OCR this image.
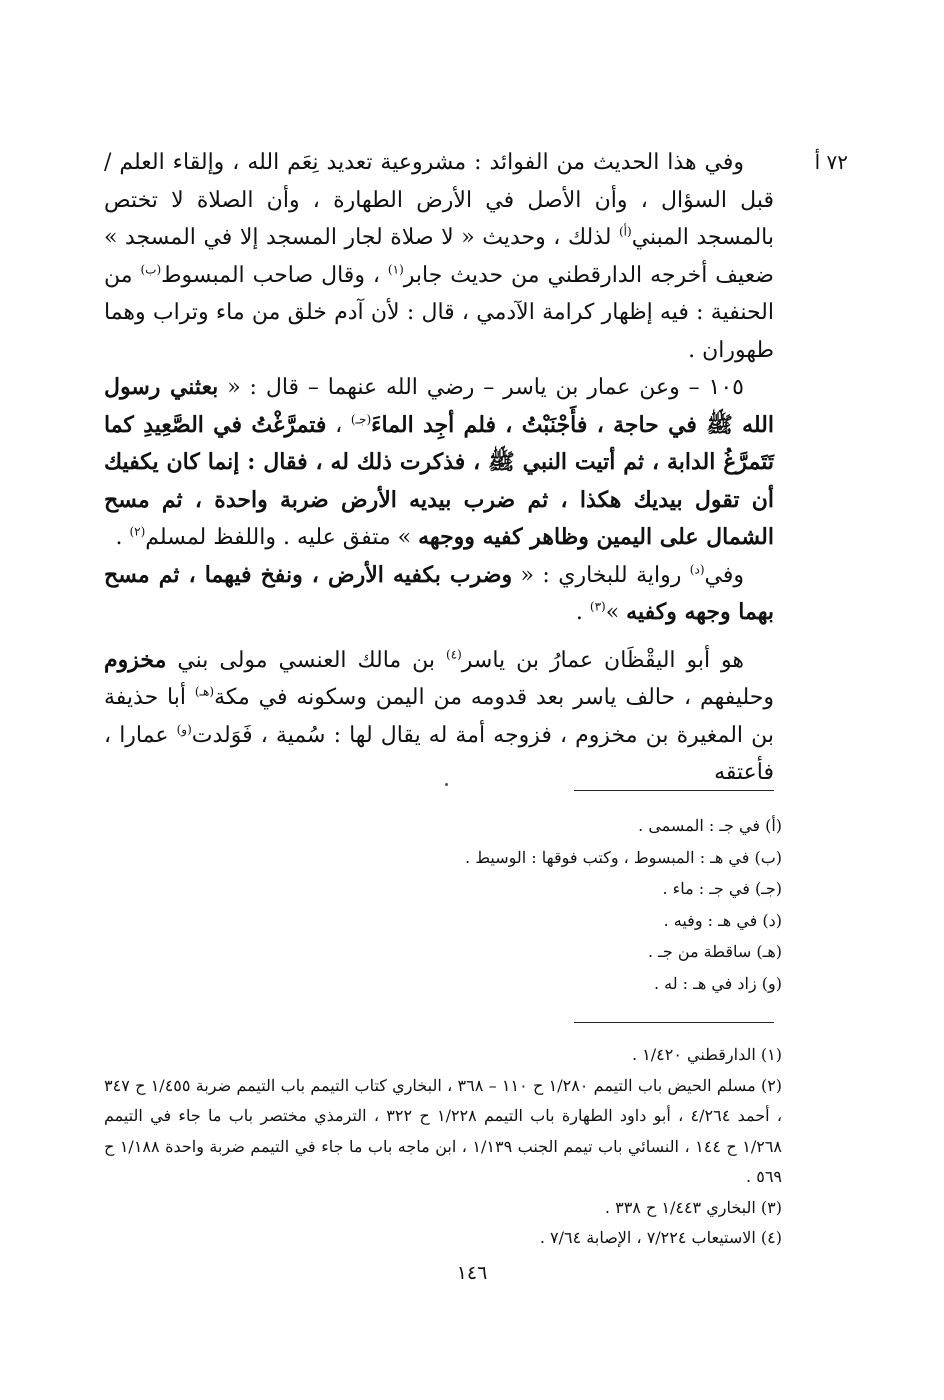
٧٢ أ

وفي هذا الحديث من الفوائد : مشروعية تعديد نِعَم الله ، وإلقاء العلم / قبل السؤال ، وأن الأصل في الأرض الطهارة ، وأن الصلاة لا تختص بالمسجد المبني$^{(أ)}$ لذلك ، وحديث « لا صلاة لجار المسجد إلا في المسجد » ضعيف أخرجه الدارقطني من حديث جابر$^{(١)}$ ، وقال صاحب المبسوط$^{(ب)}$ من الحنفية : فيه إظهار كرامة الآدمي ، قال : لأن آدم خلق من ماء وتراب وهما طهوران .

١٠٥ – وعن عمار بن ياسر – رضي الله عنهما – قال : « بعثني رسول الله ﷺ في حاجة ، فأَجْنَبْتُ ، فلم أجِد الماءَ$^{(جـ)}$ ، فتمرَّغْتُ في الصَّعِيدِ كما تَتَمرَّغُ الدابة ، ثم أتيت النبي ﷺ ، فذكرت ذلك له ، فقال : إنما كان يكفيك أن تقول بيديك هكذا ، ثم ضرب بيديه الأرض ضربة واحدة ، ثم مسح الشمال على اليمين وظاهر كفيه ووجهه » متفق عليه . واللفظ لمسلم$^{(٢)}$ .

وفي$^{(د)}$ رواية للبخاري : « وضرب بكفيه الأرض ، ونفخ فيهما ، ثم مسح بهما وجهه وكفيه »$^{(٣)}$ .

هو أبو اليقْظَان عمارُ بن ياسر$^{(٤)}$ بن مالك العنسي مولى بني مخزوم وحليفهم ، حالف ياسر بعد قدومه من اليمن وسكونه في مكة$^{(هـ)}$ أبا حذيفة بن المغيرة بن مخزوم ، فزوجه أمة له يقال لها : سُمية ، فَوَلدت$^{(و)}$ عمارا ، فأعتقه

(أ) في جـ : المسمى .
(ب) في هـ : المبسوط ، وكتب فوقها : الوسيط .
(جـ) في جـ : ماء .
(د) في هـ : وفيه .
(هـ) ساقطة من جـ .
(و) زاد في هـ : له .
(١) الدارقطني ١/٤٢٠ .
(٢) مسلم الحيض باب التيمم ١/٢٨٠ ح ١١٠ – ٣٦٨ ، البخاري كتاب التيمم باب التيمم ضربة ١/٤٥٥ ح ٣٤٧ ، أحمد ٤/٢٦٤ ، أبو داود الطهارة باب التيمم ١/٢٢٨ ح ٣٢٢ ، الترمذي مختصر باب ما جاء في التيمم ١/٢٦٨ ح ١٤٤ ، النسائي باب تيمم الجنب ١/١٣٩ ، ابن ماجه باب ما جاء في التيمم ضربة واحدة ١/١٨٨ ح ٥٦٩ .
(٣) البخاري ١/٤٤٣ ح ٣٣٨ .
(٤) الاستيعاب ٧/٢٢٤ ، الإصابة ٧/٦٤ .
١٤٦
